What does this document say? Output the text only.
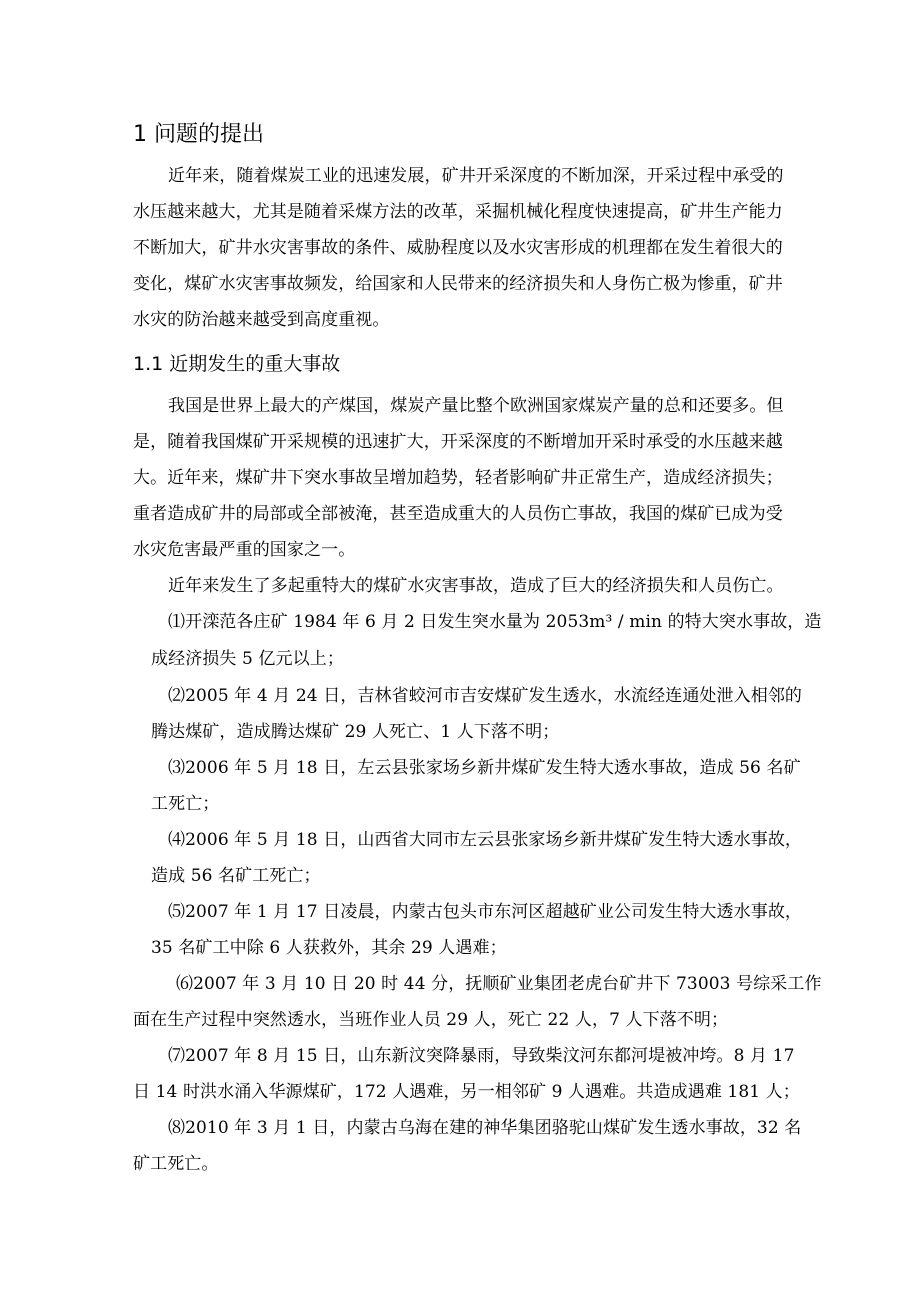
1 问题的提出
近年来，随着煤炭工业的迅速发展，矿井开采深度的不断加深，开采过程中承受的
水压越来越大，尤其是随着采煤方法的改革，采掘机械化程度快速提高，矿井生产能力
不断加大，矿井水灾害事故的条件、威胁程度以及水灾害形成的机理都在发生着很大的
变化，煤矿水灾害事故频发，给国家和人民带来的经济损失和人身伤亡极为惨重，矿井
水灾的防治越来越受到高度重视。
1.1 近期发生的重大事故
我国是世界上最大的产煤国，煤炭产量比整个欧洲国家煤炭产量的总和还要多。但
是，随着我国煤矿开采规模的迅速扩大，开采深度的不断增加开采时承受的水压越来越
大。近年来，煤矿井下突水事故呈增加趋势，轻者影响矿井正常生产，造成经济损失；
重者造成矿井的局部或全部被淹，甚至造成重大的人员伤亡事故，我国的煤矿已成为受
水灾危害最严重的国家之一。
近年来发生了多起重特大的煤矿水灾害事故，造成了巨大的经济损失和人员伤亡。
⑴开滦范各庄矿 1984 年 6 月 2 日发生突水量为 2053m³ / min 的特大突水事故，造
成经济损失 5 亿元以上；
⑵2005 年 4 月 24 日，吉林省蛟河市吉安煤矿发生透水，水流经连通处泄入相邻的
腾达煤矿，造成腾达煤矿 29 人死亡、1 人下落不明；
⑶2006 年 5 月 18 日，左云县张家场乡新井煤矿发生特大透水事故，造成 56 名矿
工死亡；
⑷2006 年 5 月 18 日，山西省大同市左云县张家场乡新井煤矿发生特大透水事故，
造成 56 名矿工死亡；
⑸2007 年 1 月 17 日凌晨，内蒙古包头市东河区超越矿业公司发生特大透水事故，
35 名矿工中除 6 人获救外，其余 29 人遇难；
⑹2007 年 3 月 10 日 20 时 44 分，抚顺矿业集团老虎台矿井下 73003 号综采工作
面在生产过程中突然透水，当班作业人员 29 人，死亡 22 人，7 人下落不明；
⑺2007 年 8 月 15 日，山东新汶突降暴雨，导致柴汶河东都河堤被冲垮。8 月 17
日 14 时洪水涌入华源煤矿，172 人遇难，另一相邻矿 9 人遇难。共造成遇难 181 人；
⑻2010 年 3 月 1 日，内蒙古乌海在建的神华集团骆驼山煤矿发生透水事故，32 名
矿工死亡。
